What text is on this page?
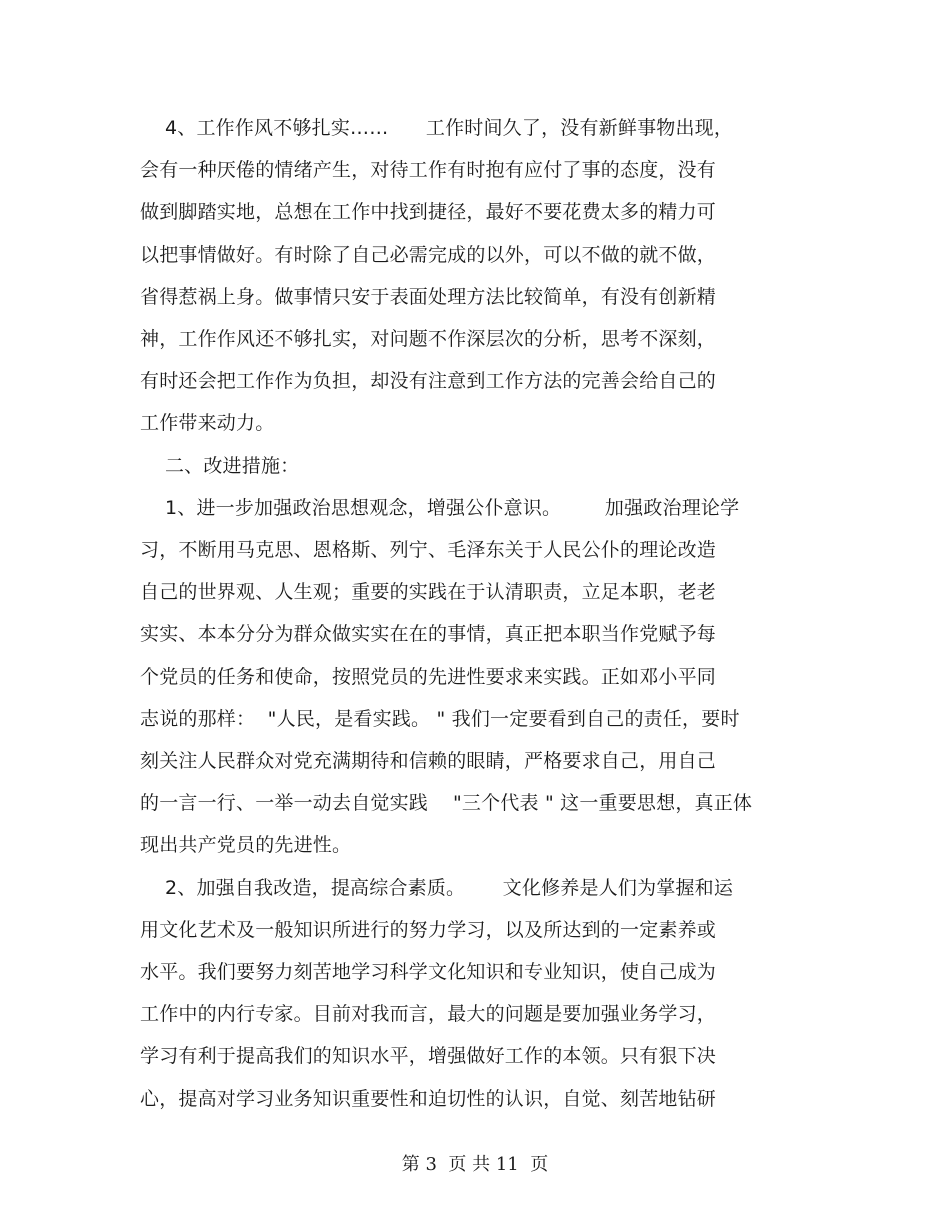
4、工作作风不够扎实……      工作时间久了，没有新鲜事物出现，
会有一种厌倦的情绪产生，对待工作有时抱有应付了事的态度，没有
做到脚踏实地，总想在工作中找到捷径，最好不要花费太多的精力可
以把事情做好。有时除了自己必需完成的以外，可以不做的就不做，
省得惹祸上身。做事情只安于表面处理方法比较简单，有没有创新精
神，工作作风还不够扎实，对问题不作深层次的分析，思考不深刻，
有时还会把工作作为负担，却没有注意到工作方法的完善会给自己的
工作带来动力。
二、改进措施：
1、进一步加强政治思想观念，增强公仆意识。       加强政治理论学
习，不断用马克思、恩格斯、列宁、毛泽东关于人民公仆的理论改造
自己的世界观、人生观；重要的实践在于认清职责，立足本职，老老
实实、本本分分为群众做实实在在的事情，真正把本职当作党赋予每
个党员的任务和使命，按照党员的先进性要求来实践。正如邓小平同
志说的那样：  "人民，是看实践。 " 我们一定要看到自己的责任，要时
刻关注人民群众对党充满期待和信赖的眼睛，严格要求自己，用自己
的一言一行、一举一动去自觉实践    "三个代表 " 这一重要思想，真正体
现出共产党员的先进性。
2、加强自我改造，提高综合素质。      文化修养是人们为掌握和运
用文化艺术及一般知识所进行的努力学习，以及所达到的一定素养或
水平。我们要努力刻苦地学习科学文化知识和专业知识，使自己成为
工作中的内行专家。目前对我而言，最大的问题是要加强业务学习，
学习有利于提高我们的知识水平，增强做好工作的本领。只有狠下决
心，提高对学习业务知识重要性和迫切性的认识，自觉、刻苦地钻研
第 3  页 共 11  页
